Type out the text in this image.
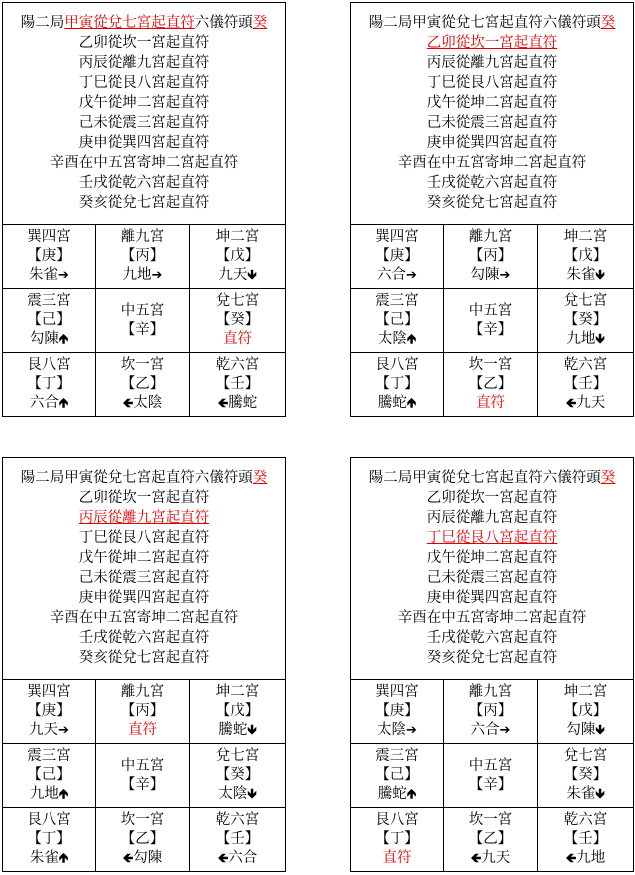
陽二局甲寅從兌七宮起直符六儀符頭癸
乙卯從坎一宮起直符
丙辰從離九宮起直符
丁巳從艮八宮起直符
戊午從坤二宮起直符
己未從震三宮起直符
庚申從巽四宮起直符
辛酉在中五宮寄坤二宮起直符
壬戌從乾六宮起直符
癸亥從兌七宮起直符
巽四宮
【庚】
朱雀➔
離九宮
【丙】
九地➔
坤二宮
【戊】
九天🡻
震三宮
【己】
勾陳🡹
中五宮
【辛】
兌七宮
【癸】
直符
艮八宮
【丁】
六合🡹
坎一宮
【乙】
🡸太陰
乾六宮
【壬】
🡸騰蛇
陽二局甲寅從兌七宮起直符六儀符頭癸
乙卯從坎一宮起直符
丙辰從離九宮起直符
丁巳從艮八宮起直符
戊午從坤二宮起直符
己未從震三宮起直符
庚申從巽四宮起直符
辛酉在中五宮寄坤二宮起直符
壬戌從乾六宮起直符
癸亥從兌七宮起直符
巽四宮
【庚】
六合➔
離九宮
【丙】
勾陳➔
坤二宮
【戊】
朱雀🡻
震三宮
【己】
太陰🡹
中五宮
【辛】
兌七宮
【癸】
九地🡻
艮八宮
【丁】
騰蛇🡹
坎一宮
【乙】
直符
乾六宮
【壬】
🡸九天
陽二局甲寅從兌七宮起直符六儀符頭癸
乙卯從坎一宮起直符
丙辰從離九宮起直符
丁巳從艮八宮起直符
戊午從坤二宮起直符
己未從震三宮起直符
庚申從巽四宮起直符
辛酉在中五宮寄坤二宮起直符
壬戌從乾六宮起直符
癸亥從兌七宮起直符
巽四宮
【庚】
九天➔
離九宮
【丙】
直符
坤二宮
【戊】
騰蛇🡻
震三宮
【己】
九地🡹
中五宮
【辛】
兌七宮
【癸】
太陰🡻
艮八宮
【丁】
朱雀🡹
坎一宮
【乙】
🡸勾陳
乾六宮
【壬】
🡸六合
陽二局甲寅從兌七宮起直符六儀符頭癸
乙卯從坎一宮起直符
丙辰從離九宮起直符
丁巳從艮八宮起直符
戊午從坤二宮起直符
己未從震三宮起直符
庚申從巽四宮起直符
辛酉在中五宮寄坤二宮起直符
壬戌從乾六宮起直符
癸亥從兌七宮起直符
巽四宮
【庚】
太陰➔
離九宮
【丙】
六合➔
坤二宮
【戊】
勾陳🡻
震三宮
【己】
騰蛇🡹
中五宮
【辛】
兌七宮
【癸】
朱雀🡻
艮八宮
【丁】
直符
坎一宮
【乙】
🡸九天
乾六宮
【壬】
🡸九地
